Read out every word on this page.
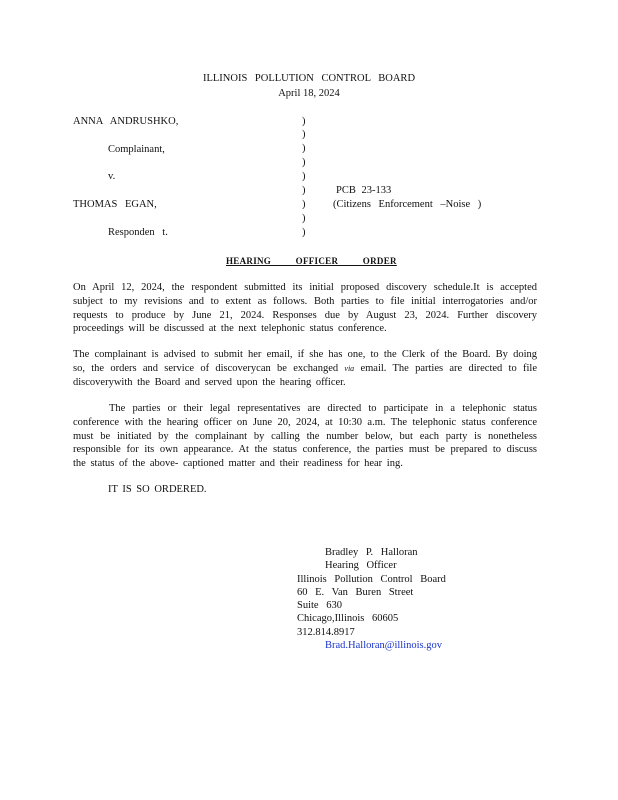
ILLINOIS POLLUTION CONTROL BOARD
April 18, 2024
ANNA ANDRUSHKO,
Complainant,
v.
THOMAS EGAN,
Responden t.
)
)
)
)
)
)
)
)
)
PCB 23-133
(Citizens Enforcement –Noise )
HEARING OFFICER ORDER
On April 12, 2024, the respondent submitted its initial proposed discovery schedule.It is accepted subject to my revisions and to extent as follows. Both parties to file initial interrogatories and/or requests to produce by June 21, 2024. Responses due by August 23, 2024. Further discovery proceedings will be discussed at the next telephonic status conference.
The complainant is advised to submit her email, if she has one, to the Clerk of the Board. By doing so, the orders and service of discoverycan be exchanged via email. The parties are directed to file discoverywith the Board and served upon the hearing officer.
The parties or their legal representatives are directed to participate in a telephonic status conference with the hearing officer on June 20, 2024, at 10:30 a.m. The telephonic status conference must be initiated by the complainant by calling the number below, but each party is nonetheless responsible for its own appearance. At the status conference, the parties must be prepared to discuss the status of the above- captioned matter and their readiness for hear ing.
IT IS SO ORDERED.
Bradley P. Halloran
Hearing Officer
Illinois Pollution Control Board
60 E. Van Buren Street
Suite 630
Chicago,Illinois 60605
312.814.8917
Brad.Halloran@illinois.gov
